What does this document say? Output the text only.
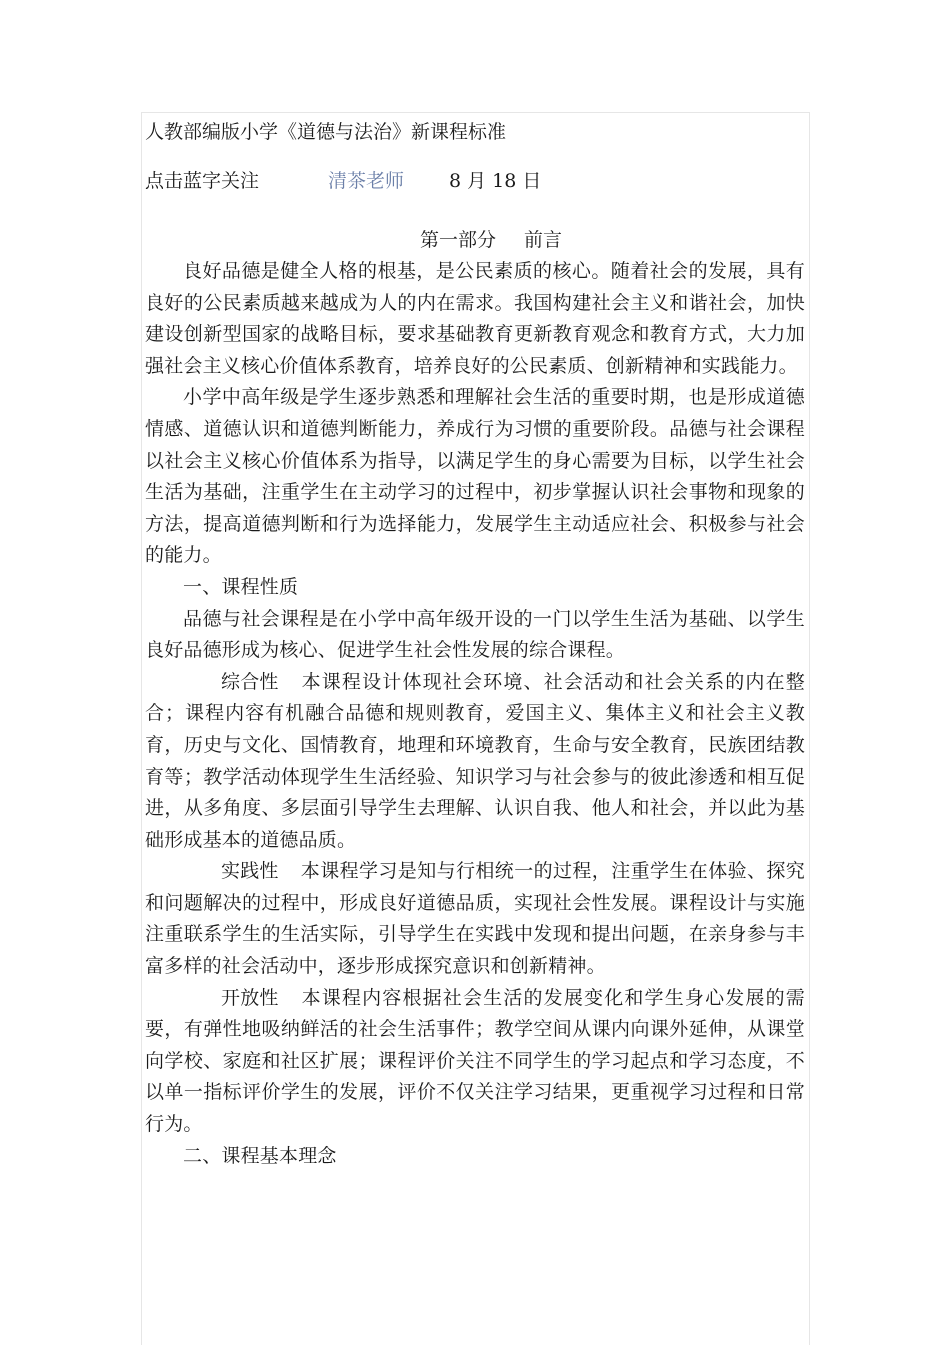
人教部编版小学《道德与法治》新课程标准
点击蓝字关注	清茶老师 8 月 18 日
第一部分 前言

良好品德是健全人格的根基，是公民素质的核心。随着社会的发展，具有良好的公民素质越来越成为人的内在需求。我国构建社会主义和谐社会，加快建设创新型国家的战略目标，要求基础教育更新教育观念和教育方式，大力加强社会主义核心价值体系教育，培养良好的公民素质、创新精神和实践能力。

小学中高年级是学生逐步熟悉和理解社会生活的重要时期，也是形成道德情感、道德认识和道德判断能力，养成行为习惯的重要阶段。品德与社会课程以社会主义核心价值体系为指导，以满足学生的身心需要为目标，以学生社会生活为基础，注重学生在主动学习的过程中，初步掌握认识社会事物和现象的方法，提高道德判断和行为选择能力，发展学生主动适应社会、积极参与社会的能力。

一、课程性质

品德与社会课程是在小学中高年级开设的一门以学生生活为基础、以学生良好品德形成为核心、促进学生社会性发展的综合课程。

综合性 本课程设计体现社会环境、社会活动和社会关系的内在整合；课程内容有机融合品德和规则教育，爱国主义、集体主义和社会主义教育，历史与文化、国情教育，地理和环境教育，生命与安全教育，民族团结教育等；教学活动体现学生生活经验、知识学习与社会参与的彼此渗透和相互促进，从多角度、多层面引导学生去理解、认识自我、他人和社会，并以此为基础形成基本的道德品质。

实践性 本课程学习是知与行相统一的过程，注重学生在体验、探究和问题解决的过程中，形成良好道德品质，实现社会性发展。课程设计与实施注重联系学生的生活实际，引导学生在实践中发现和提出问题，在亲身参与丰富多样的社会活动中，逐步形成探究意识和创新精神。

开放性 本课程内容根据社会生活的发展变化和学生身心发展的需要，有弹性地吸纳鲜活的社会生活事件；教学空间从课内向课外延伸，从课堂向学校、家庭和社区扩展；课程评价关注不同学生的学习起点和学习态度，不以单一指标评价学生的发展，评价不仅关注学习结果，更重视学习过程和日常行为。

二、课程基本理念
